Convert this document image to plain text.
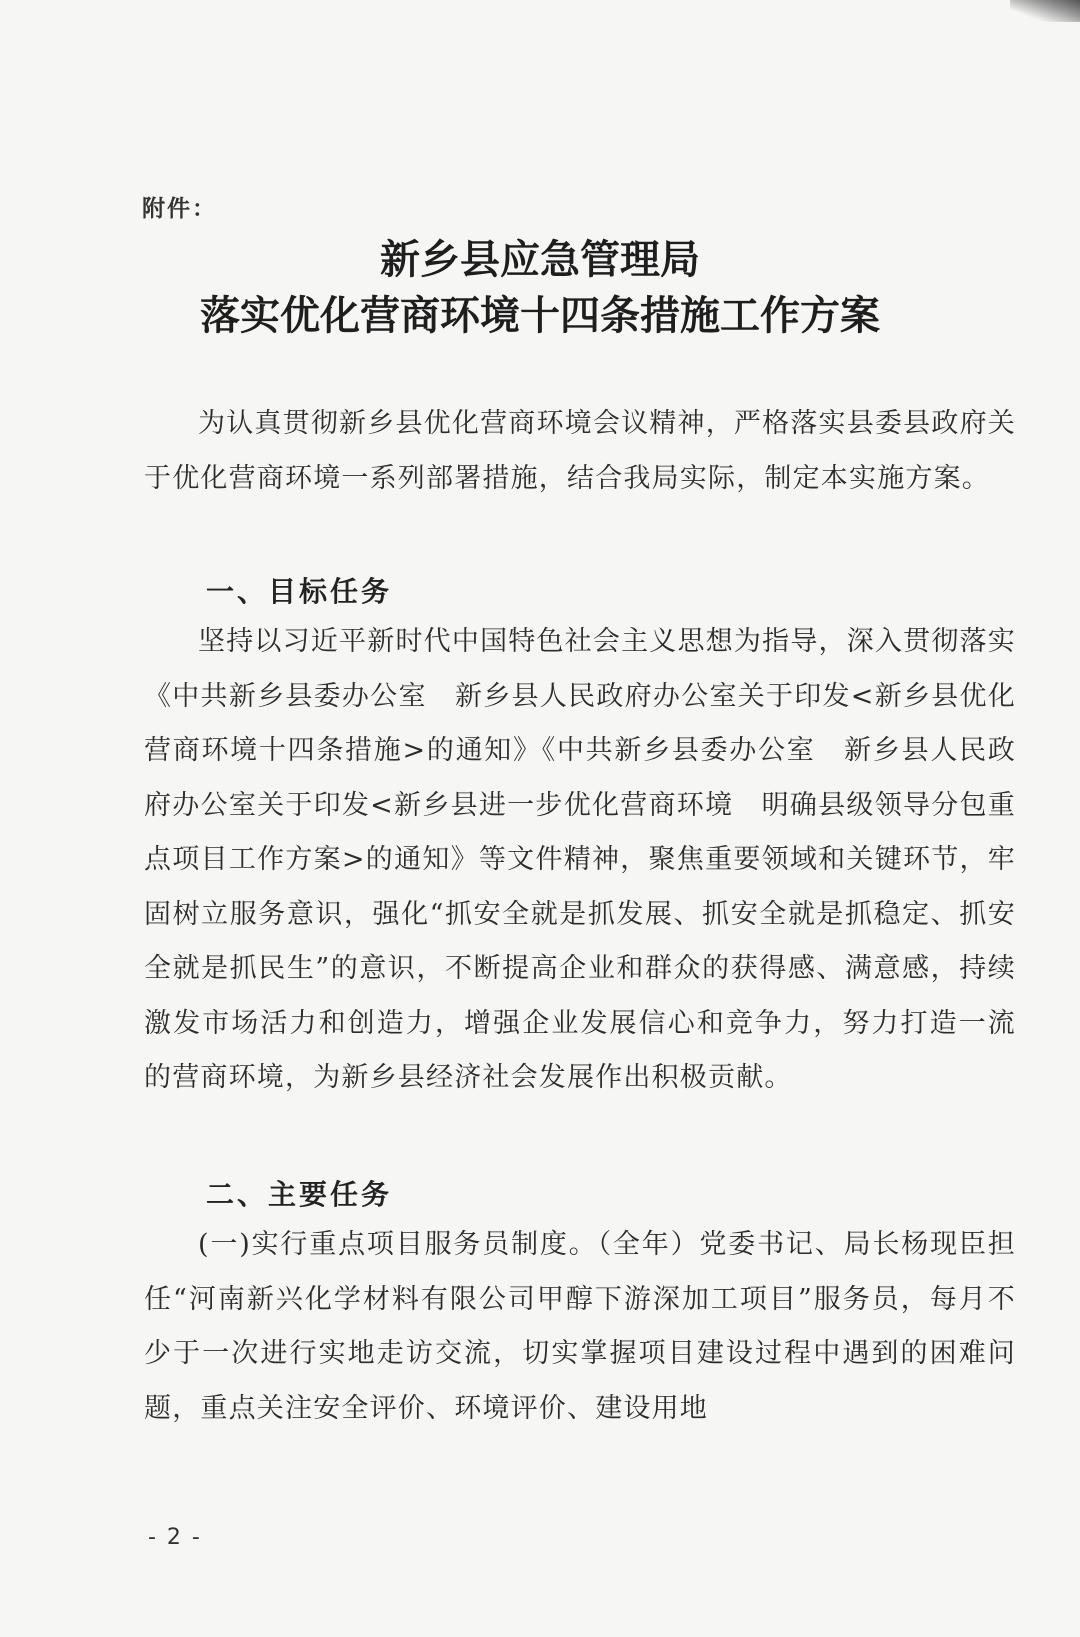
附件：
新乡县应急管理局
落实优化营商环境十四条措施工作方案

为认真贯彻新乡县优化营商环境会议精神，严格落实县委县政府关于优化营商环境一系列部署措施，结合我局实际，制定本实施方案。

一、目标任务

坚持以习近平新时代中国特色社会主义思想为指导，深入贯彻落实《中共新乡县委办公室　新乡县人民政府办公室关于印发<新乡县优化营商环境十四条措施>的通知》《中共新乡县委办公室　新乡县人民政府办公室关于印发<新乡县进一步优化营商环境　明确县级领导分包重点项目工作方案>的通知》等文件精神，聚焦重要领域和关键环节，牢固树立服务意识，强化“抓安全就是抓发展、抓安全就是抓稳定、抓安全就是抓民生”的意识，不断提高企业和群众的获得感、满意感，持续激发市场活力和创造力，增强企业发展信心和竞争力，努力打造一流的营商环境，为新乡县经济社会发展作出积极贡献。

二、主要任务

(一)实行重点项目服务员制度。（全年）党委书记、局长杨现臣担任“河南新兴化学材料有限公司甲醇下游深加工项目”服务员，每月不少于一次进行实地走访交流，切实掌握项目建设过程中遇到的困难问题，重点关注安全评价、环境评价、建设用地

- 2 -
